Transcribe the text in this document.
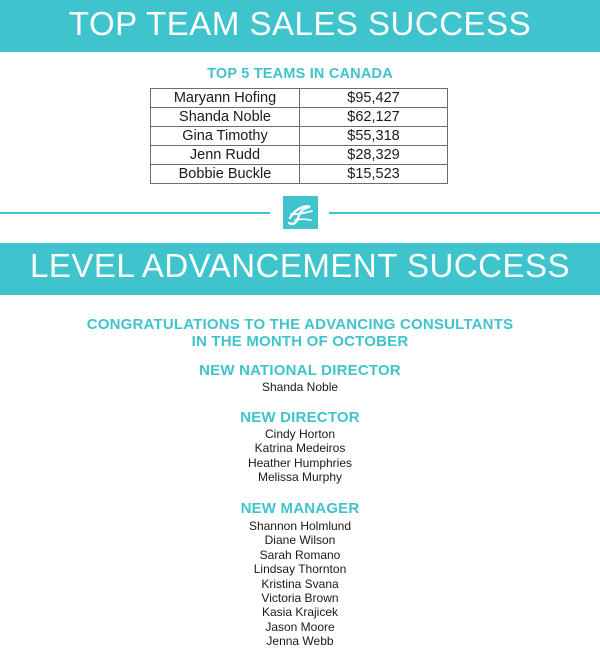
TOP TEAM SALES SUCCESS
TOP 5 TEAMS IN CANADA
Maryann Hofing	$95,427
Shanda Noble	$62,127
Gina Timothy	$55,318
Jenn Rudd	$28,329
Bobbie Buckle	$15,523
LEVEL ADVANCEMENT SUCCESS
CONGRATULATIONS TO THE ADVANCING CONSULTANTS
IN THE MONTH OF OCTOBER
NEW NATIONAL DIRECTOR
Shanda Noble
NEW DIRECTOR
Cindy Horton
Katrina Medeiros
Heather Humphries
Melissa Murphy
NEW MANAGER
Shannon Holmlund
Diane Wilson
Sarah Romano
Lindsay Thornton
Kristina Svana
Victoria Brown
Kasia Krajicek
Jason Moore
Jenna Webb
